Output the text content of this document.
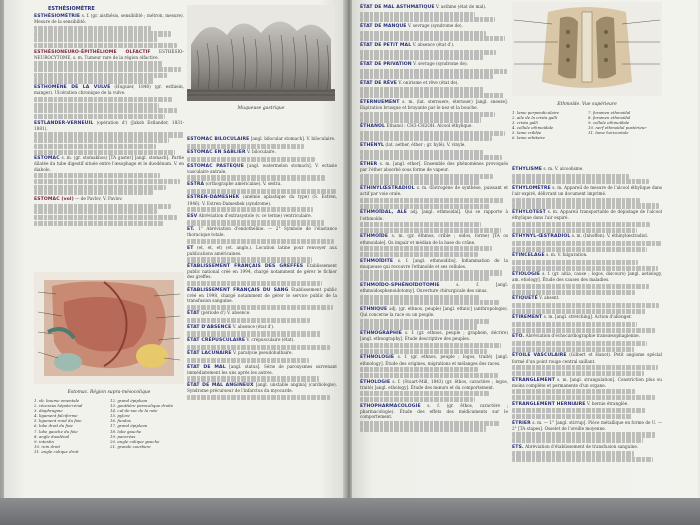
ESTHÉSIOMÈTRE

ESTHÉSIOMÉTRIE s. f. (gr. aisthêsis, sensibilité ; métron, mesure). Mesure de la sensibilité.

ESTHÉSIONEURO-ÉPITHÉLIOME OLFACTIF ESTHÉSIO-NEUROCYTOME, s. m. Tumeur rare de la région olfactive.

ESTHOMÈNE DE LA VULVE (Huguier, 1848) (gr. esthiein, manger). Ulcération chronique de la vulve.

ESTLANDER-VERNEUIL (opération d') (Jakob Estlander, 1831-1881).

ESTOMAC s. m. (gr. stomakhos) [TA gaster] [angl. stomach]. Partie dilatée du tube digestif située entre l'œsophage et le duodénum. V. en diabolo.

ESTOMAC (vol) — de Pavlov, V. Pavlov.

Muqueuse gastrique

ESTOMAC BILOCULAIRE [angl. bilocular stomach]. V. biloculaire.

ESTOMAC EN SABLIER V. biloculaire.

ESTOMAC PASTEQUE [angl. watermelon stomach]. V. ectasie vasculaire antrale.

ESTRA (orthographe américaine). V. œstra.

ESTREN-DAMESHEK (anémie aplastique du type) (S. Estren, 1946). V. Estren-Dameshek (syndrome).

ESV Abréviation d'extrasystole (v. ce terme) ventriculaire.

ET. 1° Abréviation d'endothéline. — 2° Symbole de l'élastance thoracique totale.

ET (et, et, et) (et. anglo.). Locution latine pour renvoyer aux publications américaines.

ÉTABLISSEMENT FRANÇAIS DES GREFFES Établissement public national créé en 1994, chargé notamment de gérer le fichier des greffes.

ÉTABLISSEMENT FRANÇAIS DU SANG Établissement public créé en 1998, chargé notamment de gérer le service public de la transfusion sanguine.

ÉTAT (période d') V. absence.

ÉTAT D'ABSENCE V. absence (état d').

ÉTAT CRÉPUSCULAIRE V. crépusculaire (état).

ÉTAT LACUNAIRE V. paralysie pseudobulbaire.

ÉTAT DE MAL [angl. status]. Série de paroxysmes survenant immédiatement les uns après les autres.

ÉTAT DE MAL ANGINEUX [angl. unstable angina] (cardiologie). Syndrome précurseur de l'infarctus du myocarde.

Estomac. Région supra-mésocolique
1. vb. bourse omentale
2. récessus hépato-rénal
3. diaphragme
4. ligament falciforme
5. ligament rond du foie
6. lobe droit du foie
7. lobe gauche du foie
8. angle duodénal
9. intestin
10. rein droit
11. angle colique droit
12. grand épiploon
13. gouttière paracolique droite
14. cul-de-sac de la rate
15. pylore
16. fundus
17. grand épiploon
18. lobe gauche
19. pancréas
20. angle colique gauche
21. grande courbure

ÉTAT DE MAL ASTHMATIQUE V. asthme (état de mal).

ÉTAT DE MANQUE V. sevrage (syndrome de).

ÉTAT DE PETIT MAL V. absence (état d').

ÉTAT DE PRIVATION V. sevrage (syndrome de).

ÉTAT DE RÊVE V. onirisme et rêve (état de).

ÉTERNUEMENT s. m. (lat. sternuere, éternuer) [angl. sneeze]. Expiration brusque et bruyante par le nez et la bouche.

ÉTHANOL Éthanol : CH3-CH2OH. Alcool éthylique.

ÉTHÉNYL (lat. aether, éther ; gr. hylê). V. vinyle.

ÉTHER s. m. [angl. ether]. Ensemble des phénomènes provoqués par l'éther absorbé sous forme de vapeur.

ÉTHINYLŒSTRADIOL s. m. Œstrogène de synthèse, puissant et actif par voie orale.

ÉTHMOÏDAL, ALE adj. [angl. ethmoidal]. Qui se rapporte à l'ethmoïde.

ETHMOÏDE s. m. (gr. êthmos, crible ; eidos, forme) [TA os ethmoidale]. Os impair et médian de la base du crâne.

ETHMOÏDITE s. f. [angl. ethmoiditis]. Inflammation de la muqueuse qui recouvre l'ethmoïde et ses cellules.

ETHMOÏDO-SPHÉNOÏDOTOMIE	s. f. [angl. ethmoidosphenoidotomy]. Ouverture chirurgicale des sinus.

ETHNIQUE adj. (gr. ethnos, peuple) [angl. ethnic] (anthropologie). Qui concerne la race ou un peuple.

ETHNOGRAPHIE s. f. (gr. ethnos, peuple ; graphein, décrire) [angl. ethnography]. Étude descriptive des peuples.

ETHNOLOGIE s. f. (gr. ethnos, peuple ; logos, traité) [angl. ethnology]. Étude des origines, migrations et mélanges des races.

ÉTHOLOGIE s. f. (Stuart-Mill, 1843) (gr. êthos, caractère ; logos, traité) [angl. ethology]. Étude des mœurs et du comportement.

ETHOPHARMACOLOGIE s. f. (gr. êthos, caractère ; pharmacologie). Étude des effets des médicaments sur le comportement.

Ethmoïde. Vue supérieure
1. lame perpendiculaire
2. aile de la crista galli
3. crista galli
4. cellule ethmoïdale
5. lame criblée
6. lame orbitaire
7. foramen ethmoïdal
8. foramen ethmoïdal
9. cellule ethmoïdale
10. nerf ethmoïdal postérieur
11. lame horizontale

ÉTHYLISME s. m. V. alcoolisme.

ÉTHYLOMÈTRE s. m. Appareil de mesure de l'alcool éthylique dans l'air expiré, délivrant un document imprimé.

ÉTHYLOTEST s. m. Appareil transportable de dépistage de l'alcool éthylique dans l'air expiré.

ÉTHYNYL-ŒSTRADIOL s. m. (Inhoffen). V. éthinylœstradiol.

ÉTINCELAGE s. m. V. fulguration.

ÉTIOLOGIE s. f. (gr. aitia, cause ; logos, discours) [angl. aetiology, am. etiology]. Étude des causes des maladies.

ÉTIQUETÉ V. absent.

ÉTIREMENT s. m. [angl. stretching]. Action d'allonger.

ETO. Abréviation d'échocardiographie transœsophagienne.

ÉTOILE VASCULAIRE (Gilbert et Hanot). Petit angiome spécial formé d'un point rouge central saillant.

ÉTRANGLEMENT s. m. [angl. strangulation]. Constriction plus ou moins complète et permanente d'un organe.

ÉTRANGLEMENT HERNIAIRE V. hernie étranglée.

ÉTRIER s. m. — 1° [angl. stirrup]. Pièce métallique en forme de U. — 2° [TA stapes]. Osselet de l'oreille moyenne.

ETS. Abréviation d'établissement de transfusion sanguine.
